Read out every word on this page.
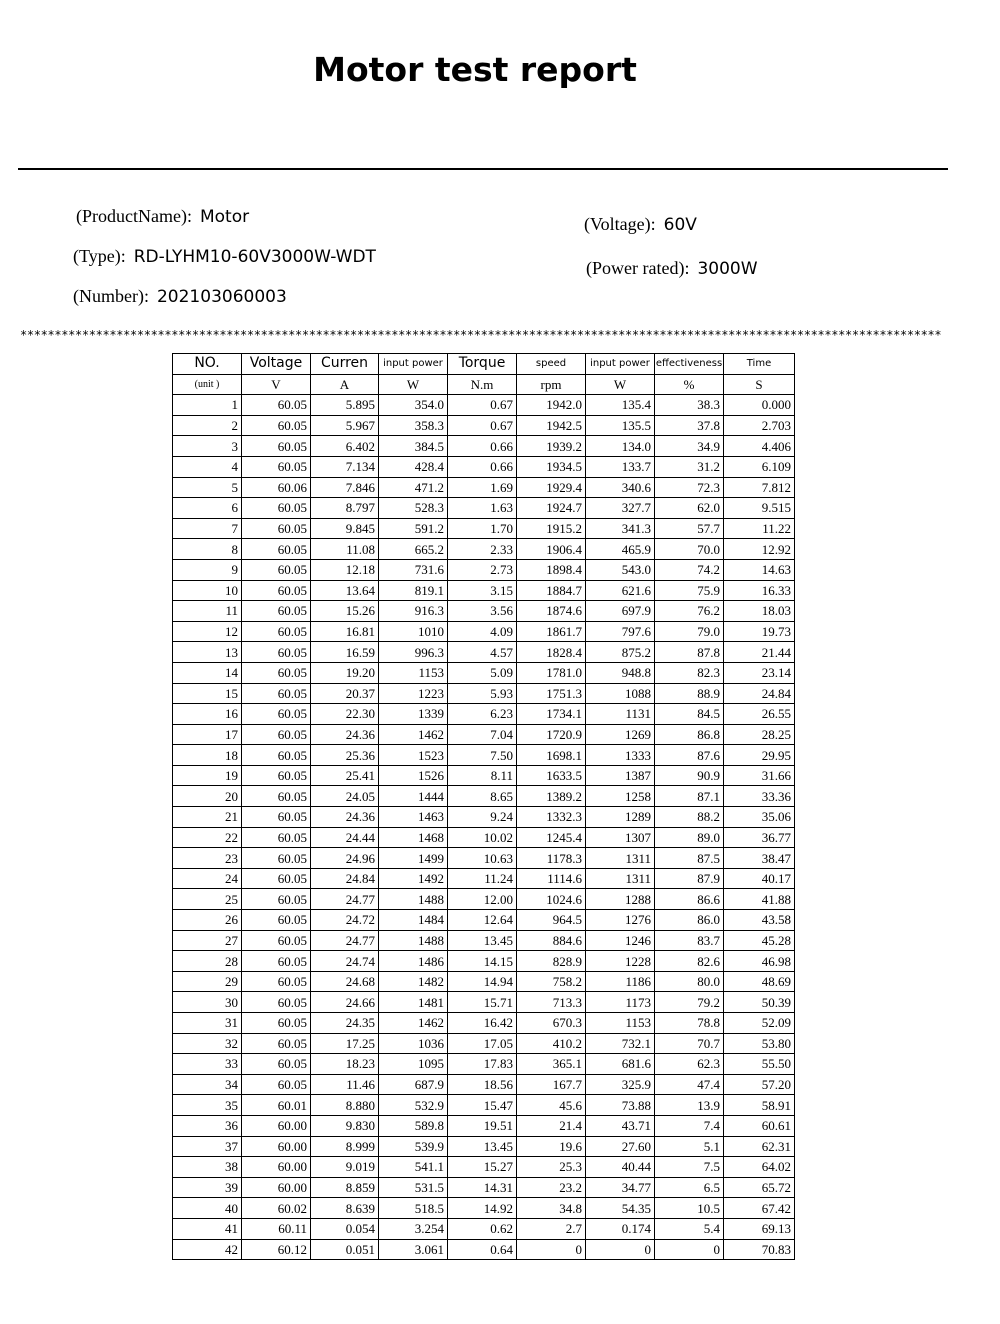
Motor test report
(ProductName): Motor
(Type): RD-LYHM10-60V3000W-WDT
(Number): 202103060003
(Voltage): 60V
(Power rated): 3000W
**************************************************************************************************************************************
NO.	Voltage	Curren	input power	Torque	speed	input power	effectiveness	Time
(unit )	V	A	W	N.m	rpm	W	%	S
1	60.05	5.895	354.0	0.67	1942.0	135.4	38.3	0.000
2	60.05	5.967	358.3	0.67	1942.5	135.5	37.8	2.703
3	60.05	6.402	384.5	0.66	1939.2	134.0	34.9	4.406
4	60.05	7.134	428.4	0.66	1934.5	133.7	31.2	6.109
5	60.06	7.846	471.2	1.69	1929.4	340.6	72.3	7.812
6	60.05	8.797	528.3	1.63	1924.7	327.7	62.0	9.515
7	60.05	9.845	591.2	1.70	1915.2	341.3	57.7	11.22
8	60.05	11.08	665.2	2.33	1906.4	465.9	70.0	12.92
9	60.05	12.18	731.6	2.73	1898.4	543.0	74.2	14.63
10	60.05	13.64	819.1	3.15	1884.7	621.6	75.9	16.33
11	60.05	15.26	916.3	3.56	1874.6	697.9	76.2	18.03
12	60.05	16.81	1010	4.09	1861.7	797.6	79.0	19.73
13	60.05	16.59	996.3	4.57	1828.4	875.2	87.8	21.44
14	60.05	19.20	1153	5.09	1781.0	948.8	82.3	23.14
15	60.05	20.37	1223	5.93	1751.3	1088	88.9	24.84
16	60.05	22.30	1339	6.23	1734.1	1131	84.5	26.55
17	60.05	24.36	1462	7.04	1720.9	1269	86.8	28.25
18	60.05	25.36	1523	7.50	1698.1	1333	87.6	29.95
19	60.05	25.41	1526	8.11	1633.5	1387	90.9	31.66
20	60.05	24.05	1444	8.65	1389.2	1258	87.1	33.36
21	60.05	24.36	1463	9.24	1332.3	1289	88.2	35.06
22	60.05	24.44	1468	10.02	1245.4	1307	89.0	36.77
23	60.05	24.96	1499	10.63	1178.3	1311	87.5	38.47
24	60.05	24.84	1492	11.24	1114.6	1311	87.9	40.17
25	60.05	24.77	1488	12.00	1024.6	1288	86.6	41.88
26	60.05	24.72	1484	12.64	964.5	1276	86.0	43.58
27	60.05	24.77	1488	13.45	884.6	1246	83.7	45.28
28	60.05	24.74	1486	14.15	828.9	1228	82.6	46.98
29	60.05	24.68	1482	14.94	758.2	1186	80.0	48.69
30	60.05	24.66	1481	15.71	713.3	1173	79.2	50.39
31	60.05	24.35	1462	16.42	670.3	1153	78.8	52.09
32	60.05	17.25	1036	17.05	410.2	732.1	70.7	53.80
33	60.05	18.23	1095	17.83	365.1	681.6	62.3	55.50
34	60.05	11.46	687.9	18.56	167.7	325.9	47.4	57.20
35	60.01	8.880	532.9	15.47	45.6	73.88	13.9	58.91
36	60.00	9.830	589.8	19.51	21.4	43.71	7.4	60.61
37	60.00	8.999	539.9	13.45	19.6	27.60	5.1	62.31
38	60.00	9.019	541.1	15.27	25.3	40.44	7.5	64.02
39	60.00	8.859	531.5	14.31	23.2	34.77	6.5	65.72
40	60.02	8.639	518.5	14.92	34.8	54.35	10.5	67.42
41	60.11	0.054	3.254	0.62	2.7	0.174	5.4	69.13
42	60.12	0.051	3.061	0.64	0	0	0	70.83
